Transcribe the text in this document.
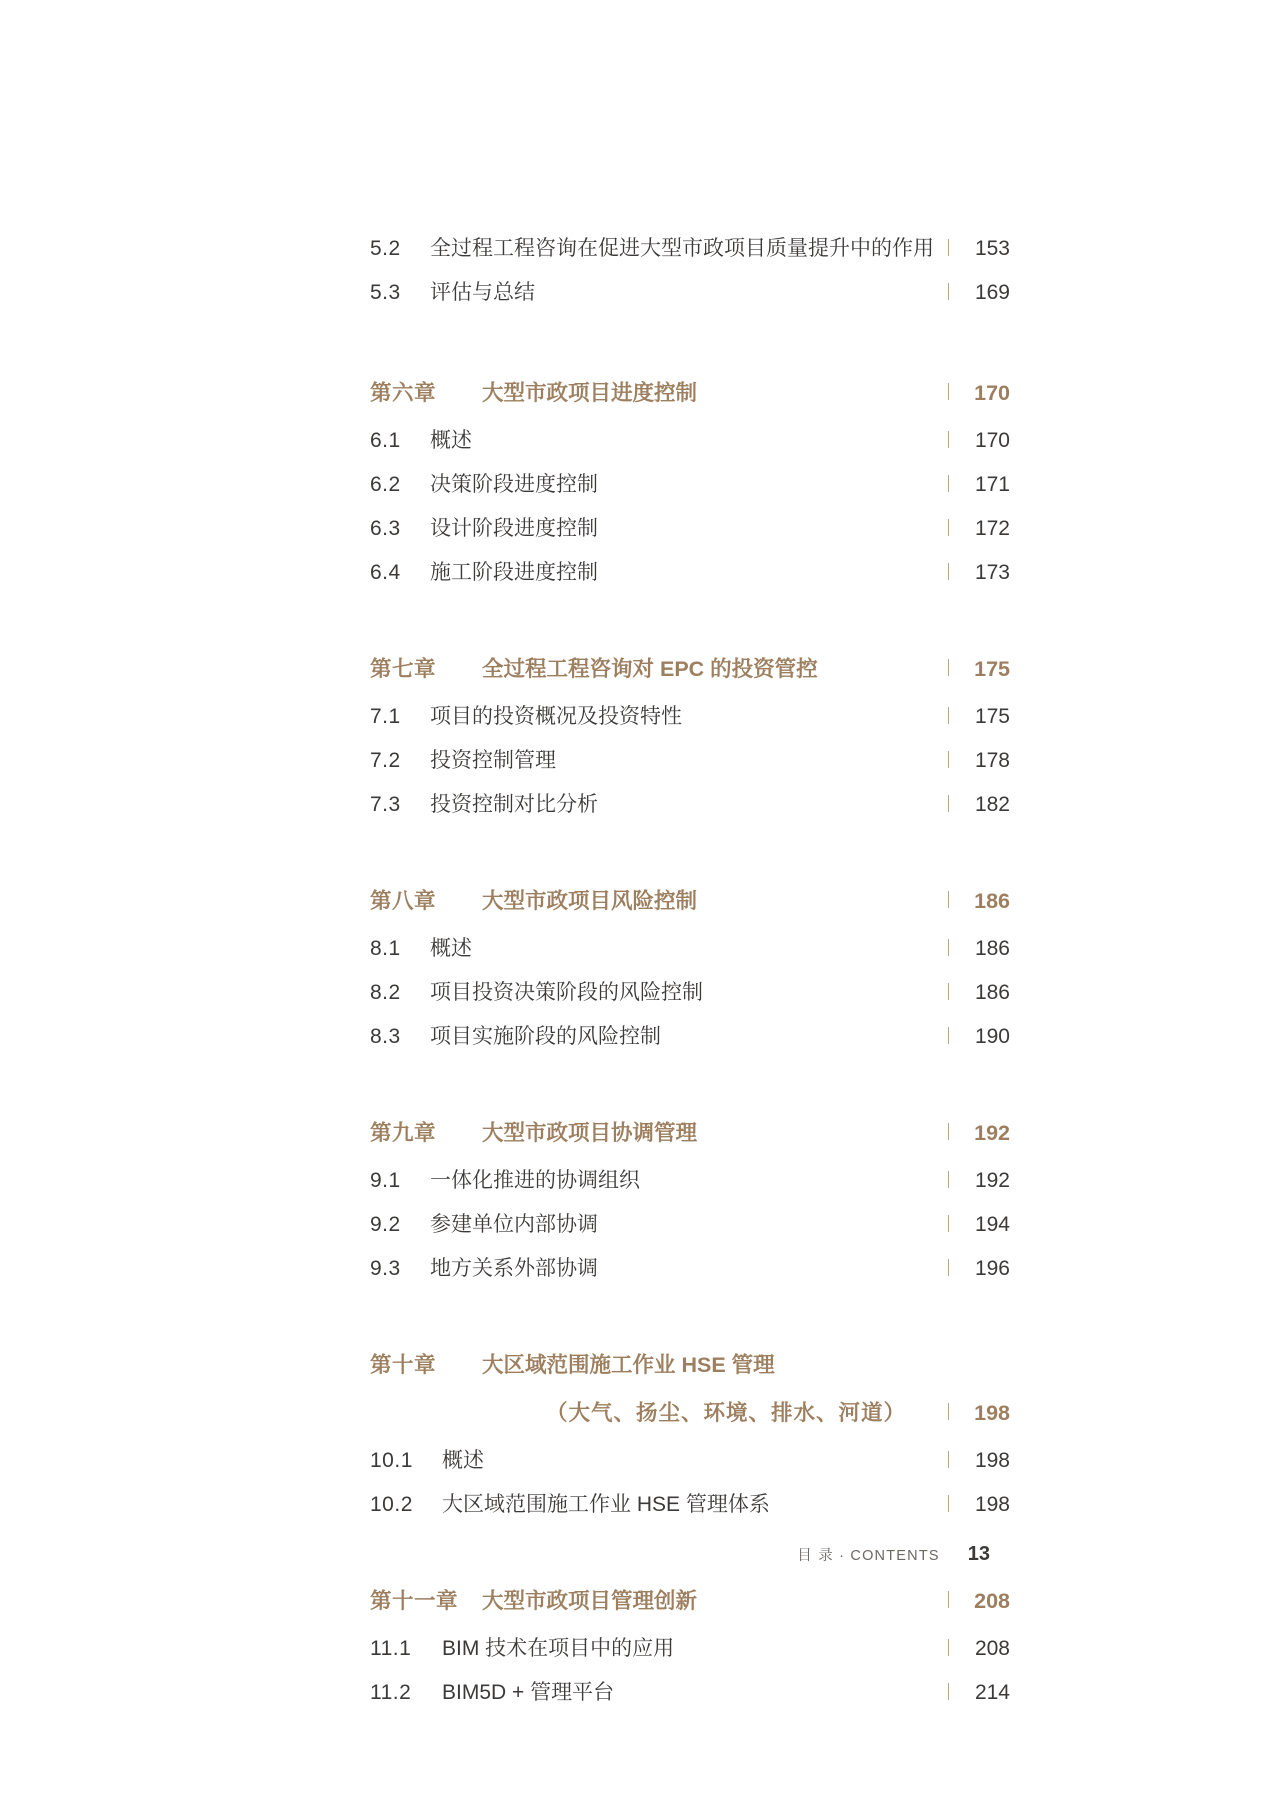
5.2	全过程工程咨询在促进大型市政项目质量提升中的作用	153
5.3	评估与总结	169
第六章	大型市政项目进度控制	170
6.1	概述	170
6.2	决策阶段进度控制	171
6.3	设计阶段进度控制	172
6.4	施工阶段进度控制	173
第七章	全过程工程咨询对 EPC 的投资管控	175
7.1	项目的投资概况及投资特性	175
7.2	投资控制管理	178
7.3	投资控制对比分析	182
第八章	大型市政项目风险控制	186
8.1	概述	186
8.2	项目投资决策阶段的风险控制	186
8.3	项目实施阶段的风险控制	190
第九章	大型市政项目协调管理	192
9.1	一体化推进的协调组织	192
9.2	参建单位内部协调	194
9.3	地方关系外部协调	196
第十章	大区域范围施工作业 HSE 管理
（大气、扬尘、环境、排水、河道）	198
10.1	概述	198
10.2	大区域范围施工作业 HSE 管理体系	198
第十一章	大型市政项目管理创新	208
11.1	BIM 技术在项目中的应用	208
11.2	BIM5D + 管理平台	214
目 录 · CONTENTS 13
